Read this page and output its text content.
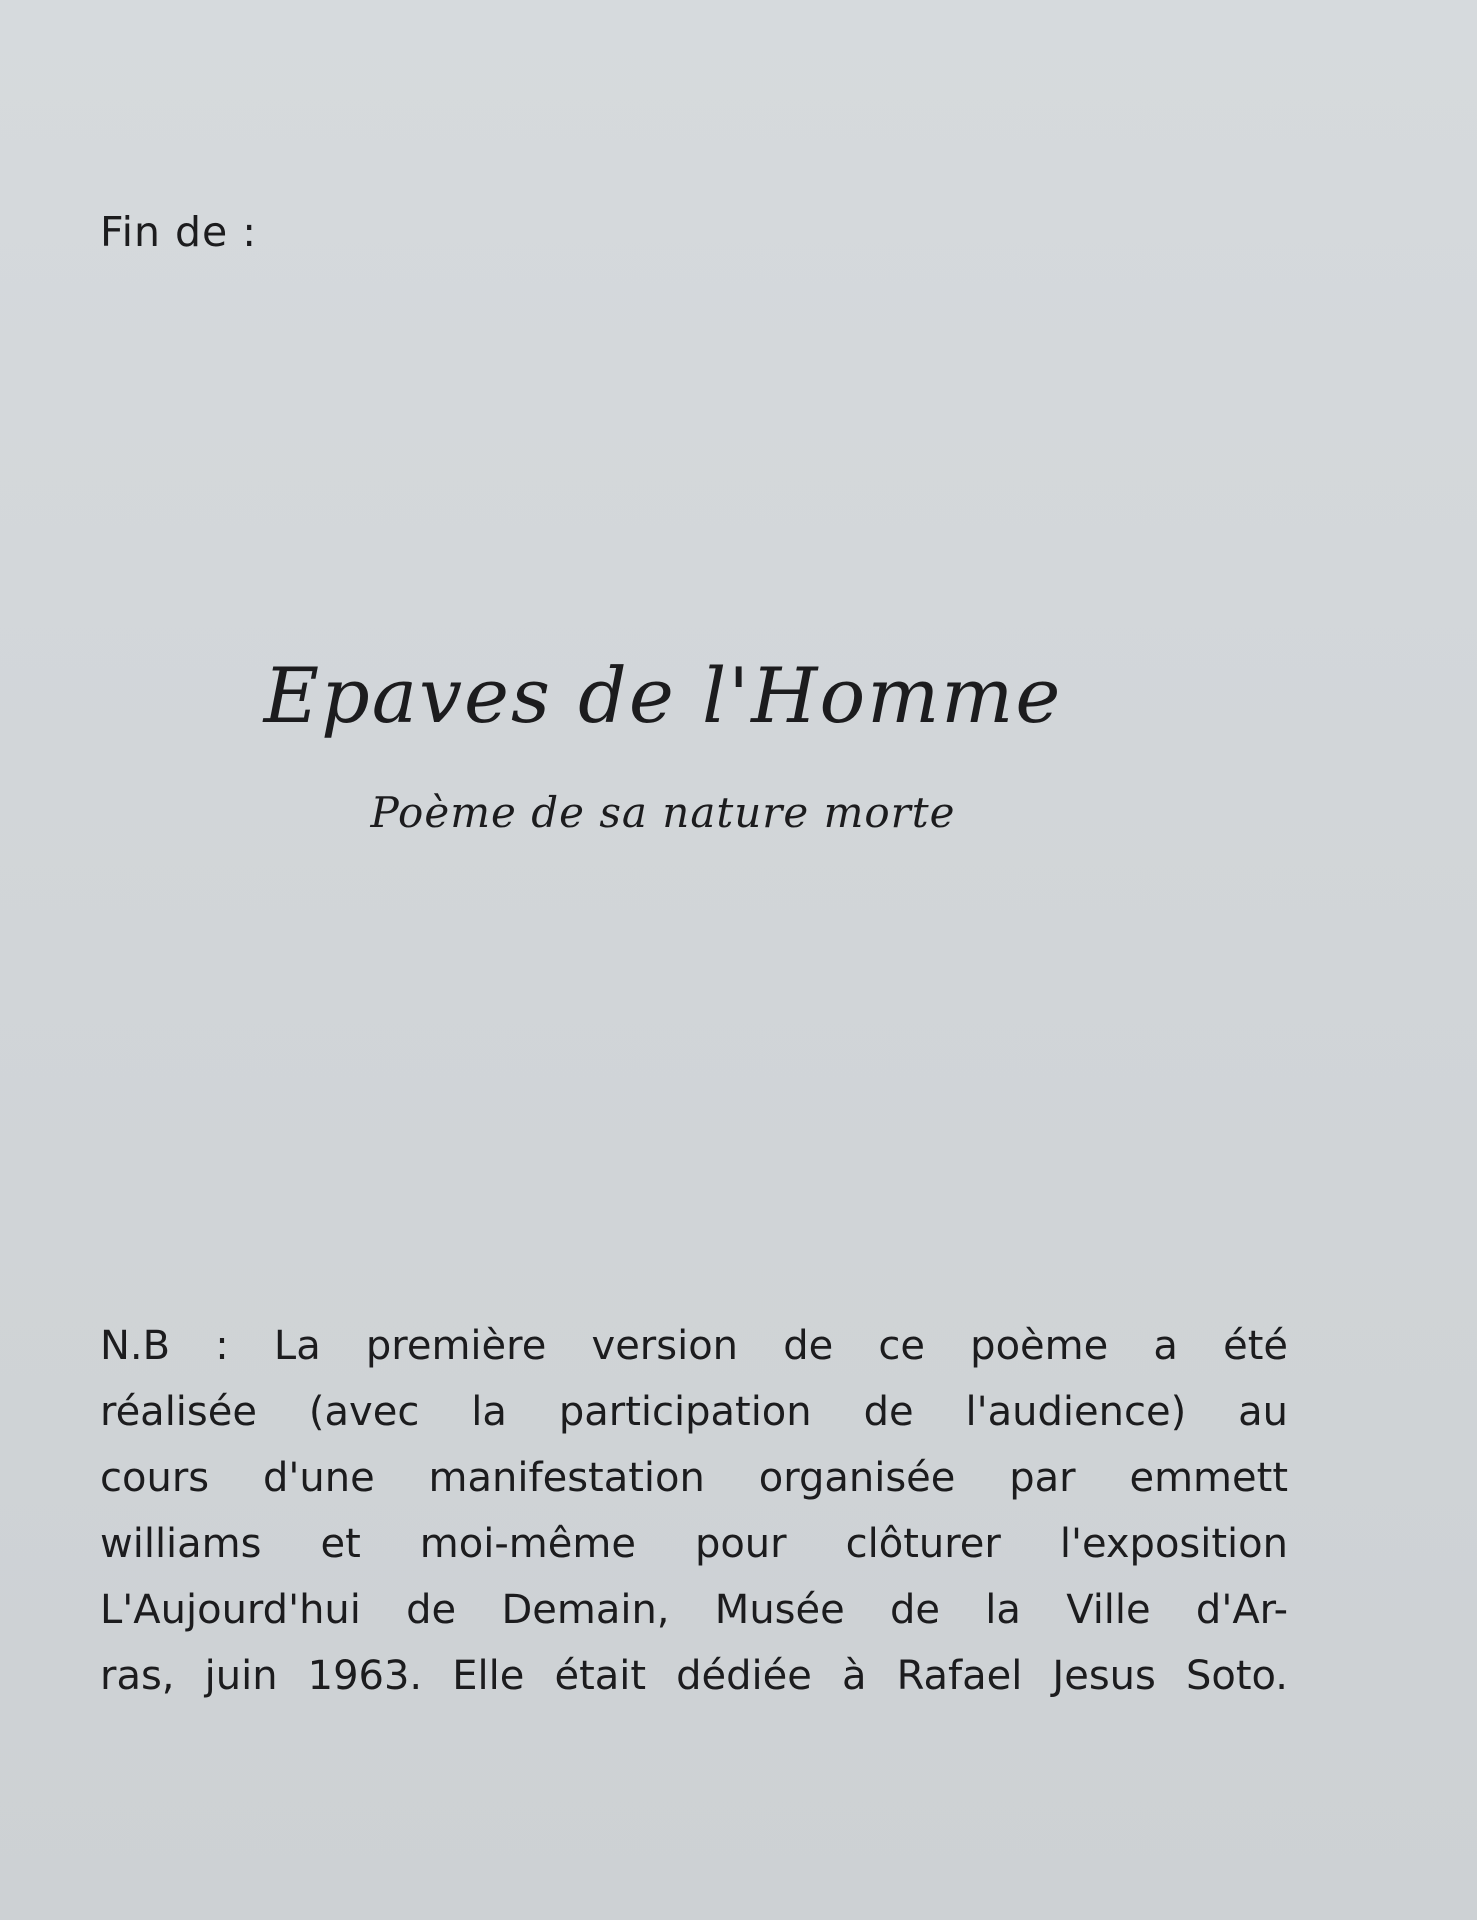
Fin de :
Epaves de l'Homme
Poème de sa nature morte

N.B : La première version de ce poème a été
réalisée (avec la participation de l'audience) au
cours d'une manifestation organisée par emmett
williams et moi-même pour clôturer l'exposition
L'Aujourd'hui de Demain, Musée de la Ville d'Ar-
ras, juin 1963. Elle était dédiée à Rafael Jesus Soto.
